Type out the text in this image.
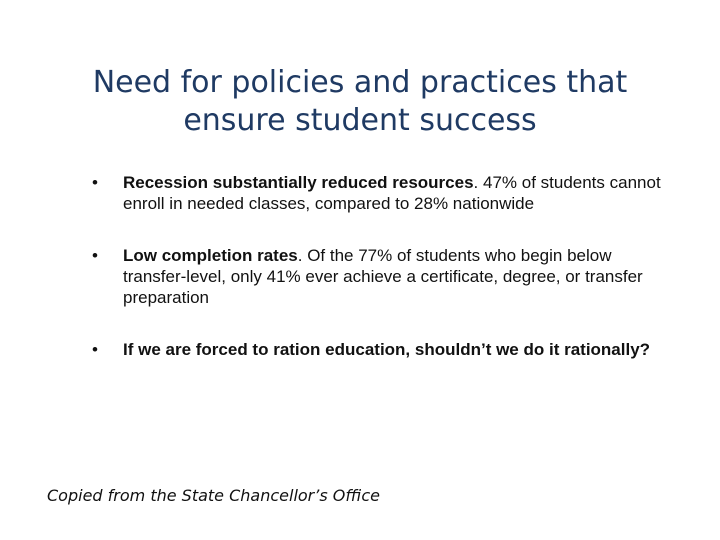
Need for policies and practices that
ensure student success
• Recession substantially reduced resources. 47% of students cannot enroll in needed classes, compared to 28% nationwide
• Low completion rates. Of the 77% of students who begin below transfer-level, only 41% ever achieve a certificate, degree, or transfer preparation
• If we are forced to ration education, shouldn’t we do it rationally?
Copied from the State Chancellor’s Office
